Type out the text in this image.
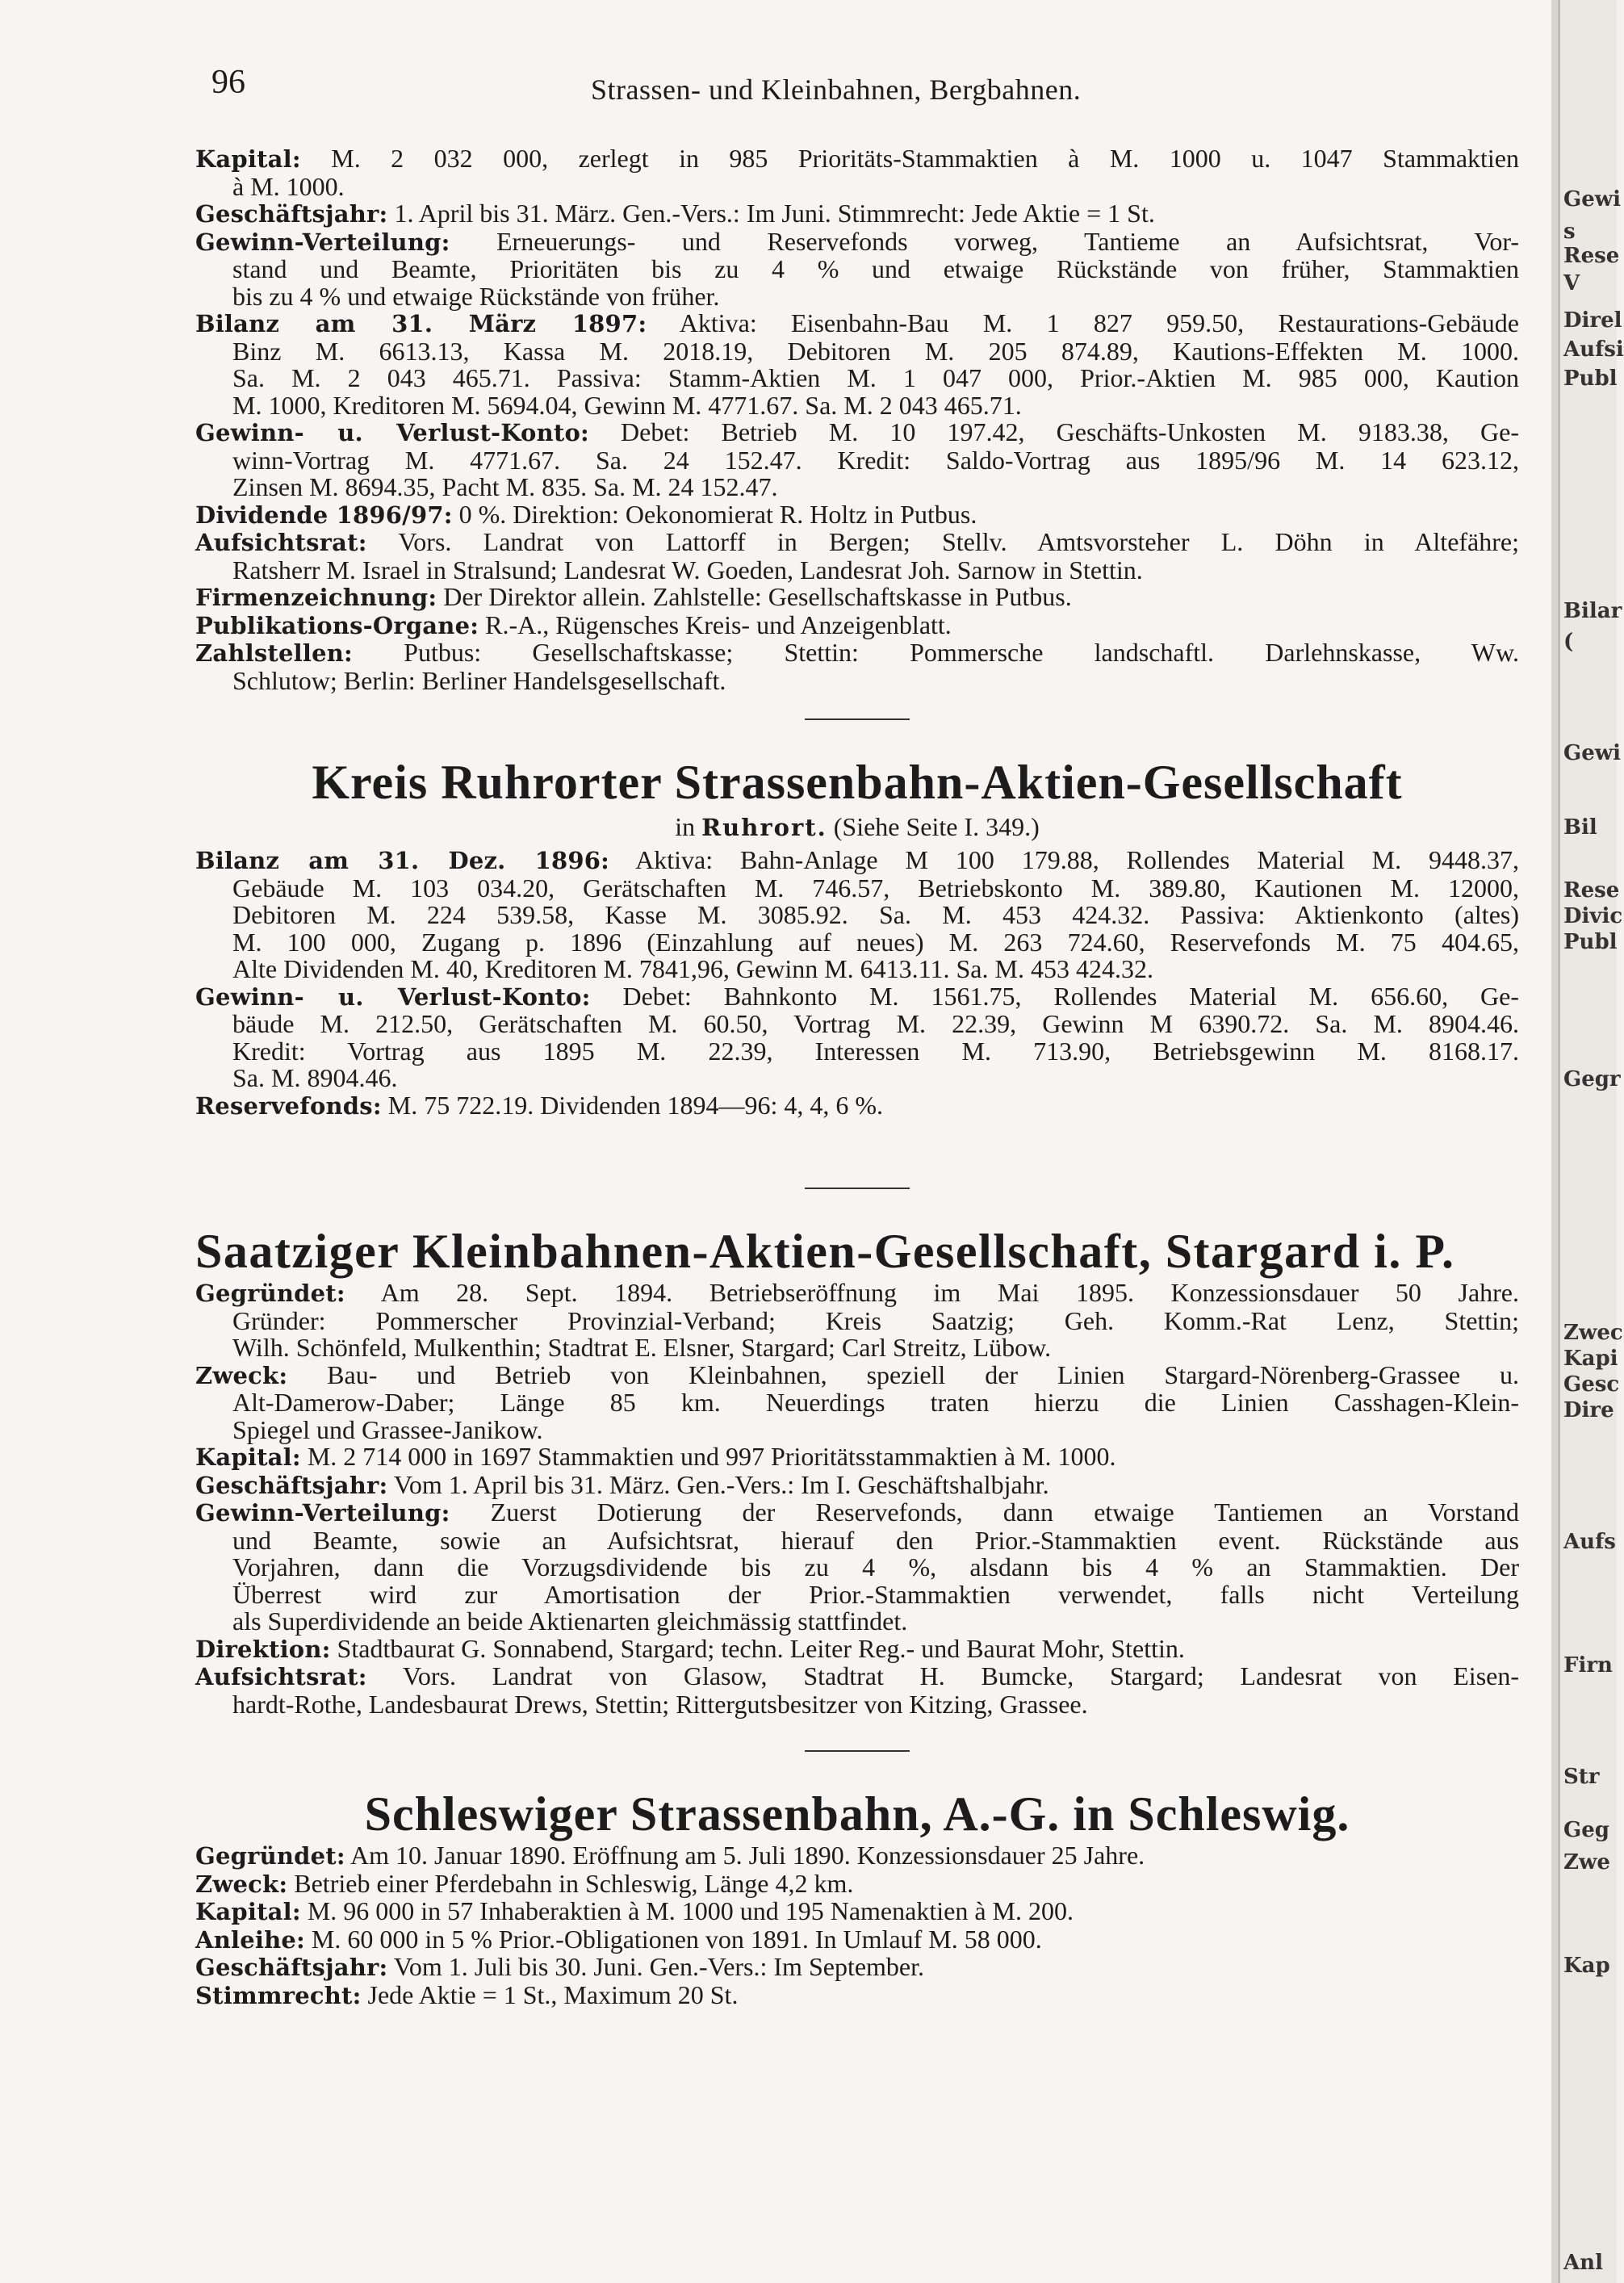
96	Strassen- und Kleinbahnen, Bergbahnen.
Kapital: M. 2 032 000, zerlegt in 985 Prioritäts-Stammaktien à M. 1000 u. 1047 Stammaktien
à M. 1000.
Geschäftsjahr: 1. April bis 31. März. Gen.-Vers.: Im Juni. Stimmrecht: Jede Aktie = 1 St.
Gewinn-Verteilung: Erneuerungs- und Reservefonds vorweg, Tantieme an Aufsichtsrat, Vor-
stand und Beamte, Prioritäten bis zu 4 % und etwaige Rückstände von früher, Stammaktien
bis zu 4 % und etwaige Rückstände von früher.
Bilanz am 31. März 1897: Aktiva: Eisenbahn-Bau M. 1 827 959.50, Restaurations-Gebäude
Binz M. 6613.13, Kassa M. 2018.19, Debitoren M. 205 874.89, Kautions-Effekten M. 1000.
Sa. M. 2 043 465.71. Passiva: Stamm-Aktien M. 1 047 000, Prior.-Aktien M. 985 000, Kaution
M. 1000, Kreditoren M. 5694.04, Gewinn M. 4771.67. Sa. M. 2 043 465.71.
Gewinn- u. Verlust-Konto: Debet: Betrieb M. 10 197.42, Geschäfts-Unkosten M. 9183.38, Ge-
winn-Vortrag M. 4771.67. Sa. 24 152.47. Kredit: Saldo-Vortrag aus 1895/96 M. 14 623.12,
Zinsen M. 8694.35, Pacht M. 835. Sa. M. 24 152.47.
Dividende 1896/97: 0 %. Direktion: Oekonomierat R. Holtz in Putbus.
Aufsichtsrat: Vors. Landrat von Lattorff in Bergen; Stellv. Amtsvorsteher L. Döhn in Altefähre;
Ratsherr M. Israel in Stralsund; Landesrat W. Goeden, Landesrat Joh. Sarnow in Stettin.
Firmenzeichnung: Der Direktor allein. Zahlstelle: Gesellschaftskasse in Putbus.
Publikations-Organe: R.-A., Rügensches Kreis- und Anzeigenblatt.
Zahlstellen: Putbus: Gesellschaftskasse; Stettin: Pommersche landschaftl. Darlehnskasse, Ww.
Schlutow; Berlin: Berliner Handelsgesellschaft.
Kreis Ruhrorter Strassenbahn-Aktien-Gesellschaft
in Ruhrort. (Siehe Seite I. 349.)
Bilanz am 31. Dez. 1896: Aktiva: Bahn-Anlage M 100 179.88, Rollendes Material M. 9448.37,
Gebäude M. 103 034.20, Gerätschaften M. 746.57, Betriebskonto M. 389.80, Kautionen M. 12000,
Debitoren M. 224 539.58, Kasse M. 3085.92. Sa. M. 453 424.32. Passiva: Aktienkonto (altes)
M. 100 000, Zugang p. 1896 (Einzahlung auf neues) M. 263 724.60, Reservefonds M. 75 404.65,
Alte Dividenden M. 40, Kreditoren M. 7841,96, Gewinn M. 6413.11. Sa. M. 453 424.32.
Gewinn- u. Verlust-Konto: Debet: Bahnkonto M. 1561.75, Rollendes Material M. 656.60, Ge-
bäude M. 212.50, Gerätschaften M. 60.50, Vortrag M. 22.39, Gewinn M 6390.72. Sa. M. 8904.46.
Kredit: Vortrag aus 1895 M. 22.39, Interessen M. 713.90, Betriebsgewinn M. 8168.17.
Sa. M. 8904.46.
Reservefonds: M. 75 722.19. Dividenden 1894—96: 4, 4, 6 %.
Saatziger Kleinbahnen-Aktien-Gesellschaft, Stargard i. P.
Gegründet: Am 28. Sept. 1894. Betriebseröffnung im Mai 1895. Konzessionsdauer 50 Jahre.
Gründer: Pommerscher Provinzial-Verband; Kreis Saatzig; Geh. Komm.-Rat Lenz, Stettin;
Wilh. Schönfeld, Mulkenthin; Stadtrat E. Elsner, Stargard; Carl Streitz, Lübow.
Zweck: Bau- und Betrieb von Kleinbahnen, speziell der Linien Stargard-Nörenberg-Grassee u.
Alt-Damerow-Daber; Länge 85 km. Neuerdings traten hierzu die Linien Casshagen-Klein-
Spiegel und Grassee-Janikow.
Kapital: M. 2 714 000 in 1697 Stammaktien und 997 Prioritätsstammaktien à M. 1000.
Geschäftsjahr: Vom 1. April bis 31. März. Gen.-Vers.: Im I. Geschäftshalbjahr.
Gewinn-Verteilung: Zuerst Dotierung der Reservefonds, dann etwaige Tantiemen an Vorstand
und Beamte, sowie an Aufsichtsrat, hierauf den Prior.-Stammaktien event. Rückstände aus
Vorjahren, dann die Vorzugsdividende bis zu 4 %, alsdann bis 4 % an Stammaktien. Der
Überrest wird zur Amortisation der Prior.-Stammaktien verwendet, falls nicht Verteilung
als Superdividende an beide Aktienarten gleichmässig stattfindet.
Direktion: Stadtbaurat G. Sonnabend, Stargard; techn. Leiter Reg.- und Baurat Mohr, Stettin.
Aufsichtsrat: Vors. Landrat von Glasow, Stadtrat H. Bumcke, Stargard; Landesrat von Eisen-
hardt-Rothe, Landesbaurat Drews, Stettin; Rittergutsbesitzer von Kitzing, Grassee.
Schleswiger Strassenbahn, A.-G. in Schleswig.
Gegründet: Am 10. Januar 1890. Eröffnung am 5. Juli 1890. Konzessionsdauer 25 Jahre.
Zweck: Betrieb einer Pferdebahn in Schleswig, Länge 4,2 km.
Kapital: M. 96 000 in 57 Inhaberaktien à M. 1000 und 195 Namenaktien à M. 200.
Anleihe: M. 60 000 in 5 % Prior.-Obligationen von 1891. In Umlauf M. 58 000.
Geschäftsjahr: Vom 1. Juli bis 30. Juni. Gen.-Vers.: Im September.
Stimmrecht: Jede Aktie = 1 St., Maximum 20 St.
Gewi
s
Rese
V
Direl
Aufsi
Publ
Bilar
(
Gewi
Bil
Rese
Divic
Publ
Gegr
Zwec
Kapi
Gesc
Dire
Aufs
Firn
Str
Geg
Zwe
Kap
Anl
